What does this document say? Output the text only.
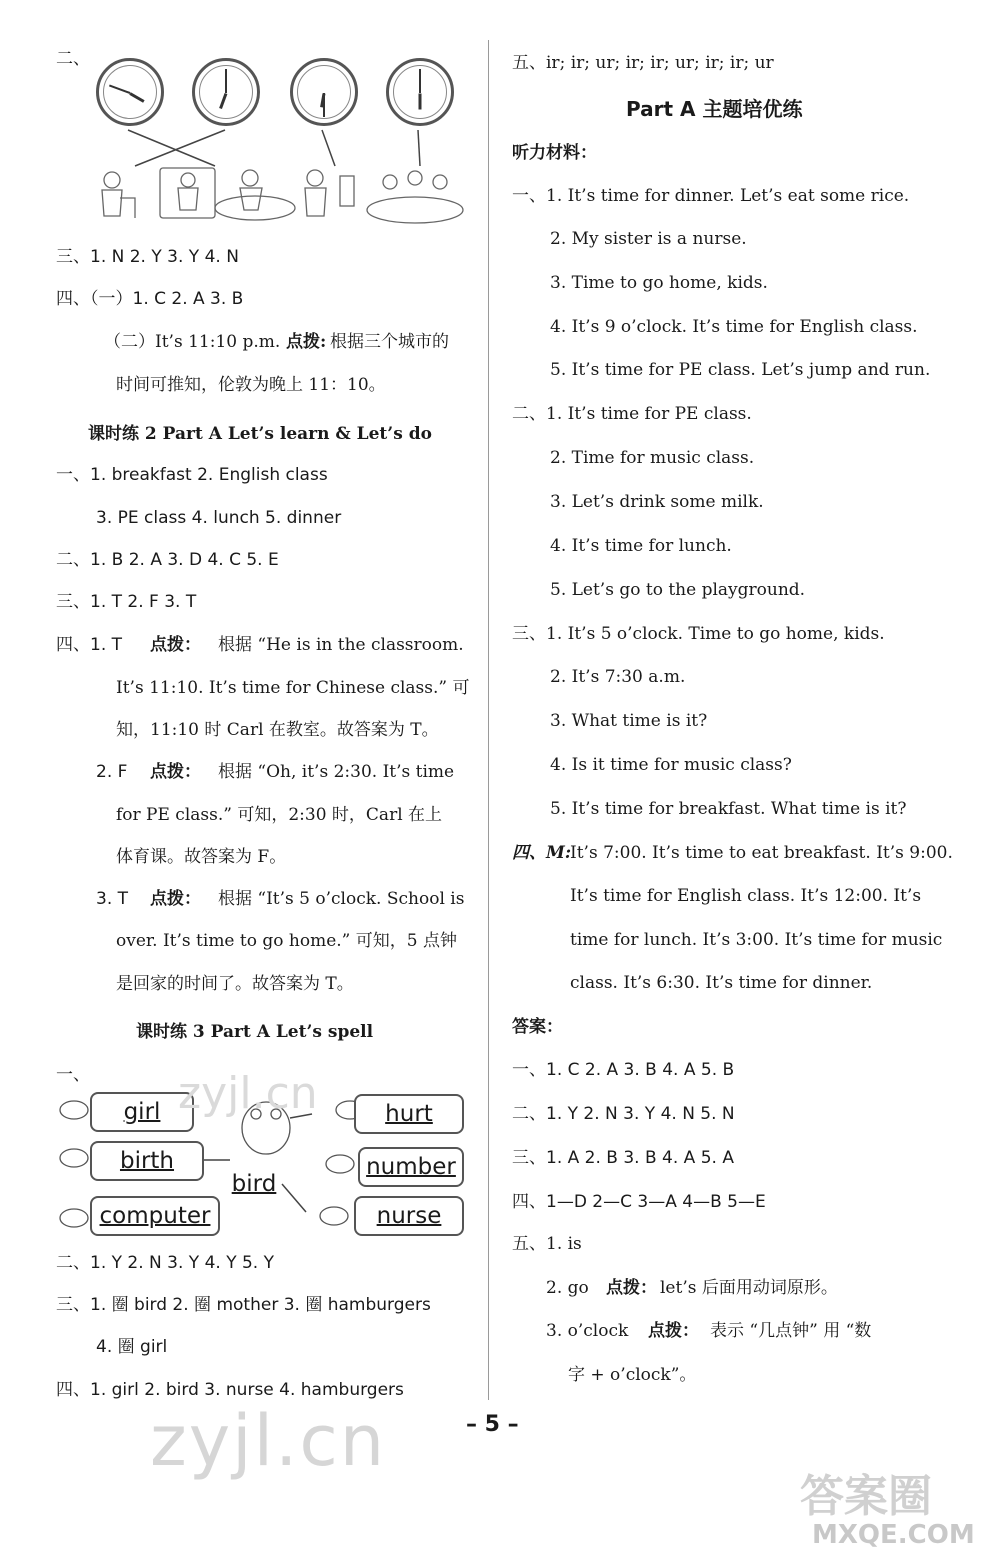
二、
三、1. N 2. Y 3. Y 4. N
四、（一）1. C 2. A 3. B
（二）It’s 11:10 p.m. 点拨: 根据三个城市的
时间可推知，伦敦为晚上 11：10。
课时练 2 Part A Let’s learn & Let’s do
一、1. breakfast 2. English class
3. PE class 4. lunch 5. dinner
二、1. B 2. A 3. D 4. C 5. E
三、1. T 2. F 3. T
四、1. T 点拨： 根据 “He is in the classroom.
It’s 11:10. It’s time for Chinese class.” 可
知，11:10 时 Carl 在教室。故答案为 T。
2. F 点拨： 根据 “Oh, it’s 2:30. It’s time
for PE class.” 可知，2:30 时，Carl 在上
体育课。故答案为 F。
3. T 点拨： 根据 “It’s 5 o’clock. School is
over. It’s time to go home.” 可知，5 点钟
是回家的时间了。故答案为 T。
课时练 3 Part A Let’s spell
一、
girl
birth
computer
bird
hurt
number
nurse
二、1. Y 2. N 3. Y 4. Y 5. Y
三、1. 圈 bird 2. 圈 mother 3. 圈 hamburgers
4. 圈 girl
四、1. girl 2. bird 3. nurse 4. hamburgers
五、ir; ir; ur; ir; ir; ur; ir; ir; ur
Part A 主题培优练
听力材料：
一、1. It’s time for dinner. Let’s eat some rice.
2. My sister is a nurse.
3. Time to go home, kids.
4. It’s 9 o’clock. It’s time for English class.
5. It’s time for PE class. Let’s jump and run.
二、1. It’s time for PE class.
2. Time for music class.
3. Let’s drink some milk.
4. It’s time for lunch.
5. Let’s go to the playground.
三、1. It’s 5 o’clock. Time to go home, kids.
2. It’s 7:30 a.m.
3. What time is it?
4. Is it time for music class?
5. It’s time for breakfast. What time is it?
四、M:
It’s 7:00. It’s time to eat breakfast. It’s 9:00.
It’s time for English class. It’s 12:00. It’s
time for lunch. It’s 3:00. It’s time for music
class. It’s 6:30. It’s time for dinner.
答案：
一、1. C 2. A 3. B 4. A 5. B
二、1. Y 2. N 3. Y 4. N 5. N
三、1. A 2. B 3. B 4. A 5. A
四、1—D 2—C 3—A 4—B 5—E
五、1. is
2. go 点拨： let’s 后面用动词原形。
3. o’clock 点拨： 表示 “几点钟” 用 “数
字 + o’clock”。
– 5 –
zyjl.cn
zyjl.cn
答案圈
MXQE.COM
